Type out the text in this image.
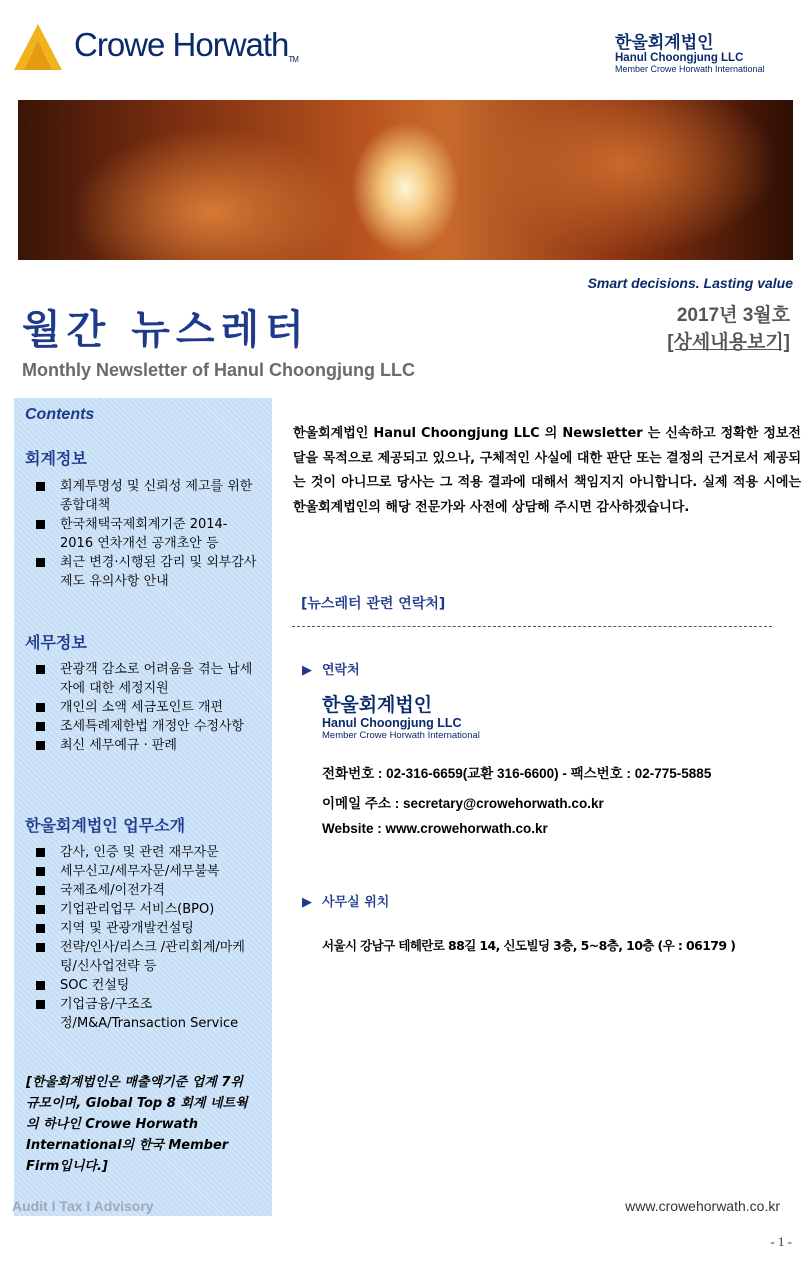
Crowe HorwathTM
한울회계법인
Hanul Choongjung LLC
Member Crowe Horwath International
Smart decisions. Lasting value
월간 뉴스레터	2017년 3월호
[상세내용보기]
Monthly Newsletter of Hanul Choongjung LLC
Contents
회계정보
회계투명성 및 신뢰성 제고를 위한 종합대책
한국채택국제회계기준 2014-2016 연차개선 공개초안 등
최근 변경·시행된 감리 및 외부감사 제도 유의사항 안내
세무정보
관광객 감소로 어려움을 겪는 납세자에 대한 세정지원
개인의 소액 세금포인트 개편
조세특례제한법 개정안 수정사항
최신 세무예규 · 판례
한울회계법인 업무소개
감사, 인증 및 관련 재무자문
세무신고/세무자문/세무불복
국제조세/이전가격
기업관리업무 서비스(BPO)
지역 및 관광개발컨설팅
전략/인사/리스크 /관리회계/마케팅/신사업전략 등
SOC 컨설팅
기업금융/구조조정/M&A/Transaction Service
[한울회계법인은 매출액기준 업계 7위 규모이며, Global Top 8 회계 네트웍의 하나인 Crowe Horwath International의 한국 Member Firm입니다.]
Audit I Tax I Advisory
한울회계법인 Hanul Choongjung LLC 의 Newsletter 는 신속하고 정확한 정보전달을 목적으로 제공되고 있으나, 구체적인 사실에 대한 판단 또는 결정의 근거로서 제공되는 것이 아니므로 당사는 그 적용 결과에 대해서 책임지지 아니합니다. 실제 적용 시에는 한울회계법인의 해당 전문가와 사전에 상담해 주시면 감사하겠습니다.
[뉴스레터 관련 연락처]
▶ 연락처
한울회계법인
Hanul Choongjung LLC
Member Crowe Horwath International
전화번호 : 02-316-6659(교환 316-6600) - 팩스번호 : 02-775-5885
이메일 주소 : secretary@crowehorwath.co.kr
Website : www.crowehorwath.co.kr
▶ 사무실 위치
서울시 강남구 테헤란로 88길 14, 신도빌딩 3층, 5~8층, 10층 (우 : 06179 )
www.crowehorwath.co.kr
- 1 -
